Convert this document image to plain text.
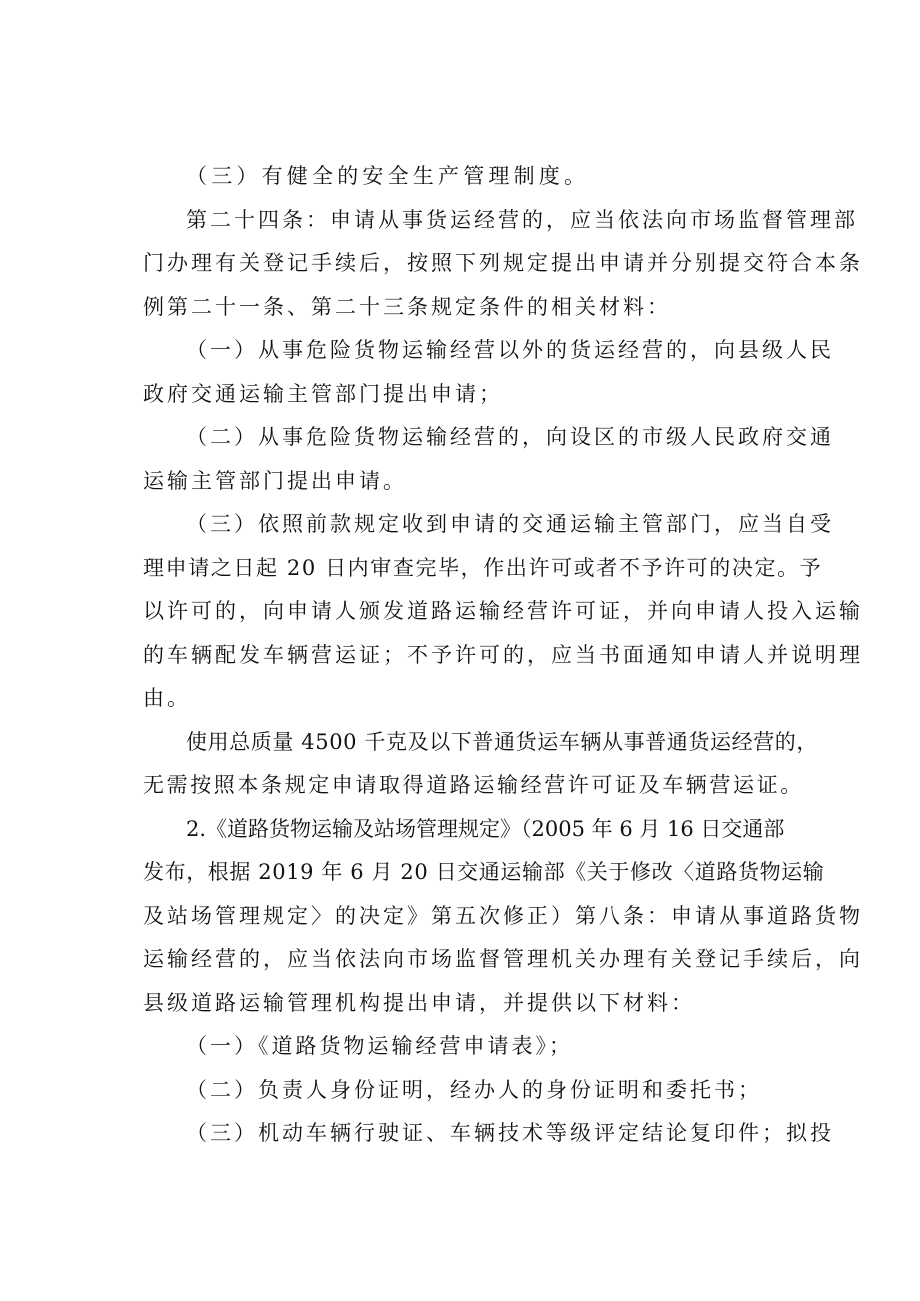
（三）有健全的安全生产管理制度。
第二十四条：申请从事货运经营的，应当依法向市场监督管理部
门办理有关登记手续后，按照下列规定提出申请并分别提交符合本条
例第二十一条、第二十三条规定条件的相关材料：
（一）从事危险货物运输经营以外的货运经营的，向县级人民
政府交通运输主管部门提出申请；
（二）从事危险货物运输经营的，向设区的市级人民政府交通
运输主管部门提出申请。
（三）依照前款规定收到申请的交通运输主管部门，应当自受
理申请之日起 20 日内审查完毕，作出许可或者不予许可的决定。予
以许可的，向申请人颁发道路运输经营许可证，并向申请人投入运输
的车辆配发车辆营运证；不予许可的，应当书面通知申请人并说明理
由。
使用总质量 4500 千克及以下普通货运车辆从事普通货运经营的，
无需按照本条规定申请取得道路运输经营许可证及车辆营运证。
2.《道路货物运输及站场管理规定》（2005 年 6 月 16 日交通部
发布，根据 2019 年 6 月 20 日交通运输部《关于修改〈道路货物运输
及站场管理规定〉的决定》第五次修正）第八条：申请从事道路货物
运输经营的，应当依法向市场监督管理机关办理有关登记手续后，向
县级道路运输管理机构提出申请，并提供以下材料：
（一）《道路货物运输经营申请表》；
（二）负责人身份证明，经办人的身份证明和委托书；
（三）机动车辆行驶证、车辆技术等级评定结论复印件；拟投
